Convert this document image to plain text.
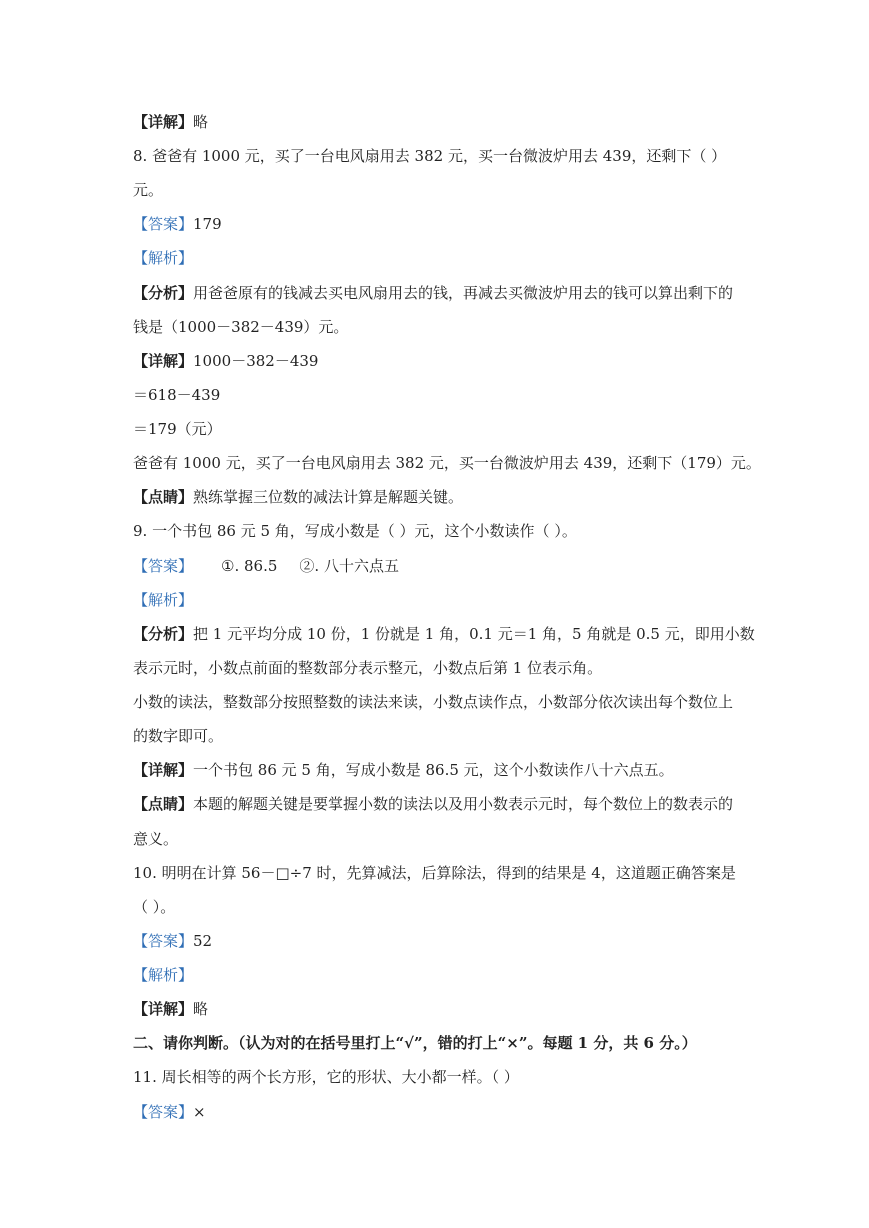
【详解】略
8. 爸爸有 1000 元，买了一台电风扇用去 382 元，买一台微波炉用去 439，还剩下（ ）
元。
【答案】179
【解析】
【分析】用爸爸原有的钱减去买电风扇用去的钱，再减去买微波炉用去的钱可以算出剩下的
钱是（1000－382－439）元。
【详解】1000－382－439
＝618－439
＝179（元）
爸爸有 1000 元，买了一台电风扇用去 382 元，买一台微波炉用去 439，还剩下（179）元。
【点睛】熟练掌握三位数的减法计算是解题关键。
9. 一个书包 86 元 5 角，写成小数是（ ）元，这个小数读作（ ）。
【答案】 ①. 86.5 ②. 八十六点五
【解析】
【分析】把 1 元平均分成 10 份，1 份就是 1 角，0.1 元＝1 角，5 角就是 0.5 元，即用小数
表示元时，小数点前面的整数部分表示整元，小数点后第 1 位表示角。
小数的读法，整数部分按照整数的读法来读，小数点读作点，小数部分依次读出每个数位上
的数字即可。
【详解】一个书包 86 元 5 角，写成小数是 86.5 元，这个小数读作八十六点五。
【点睛】本题的解题关键是要掌握小数的读法以及用小数表示元时，每个数位上的数表示的
意义。
10. 明明在计算 56－□÷7 时，先算减法，后算除法，得到的结果是 4，这道题正确答案是
（ ）。
【答案】52
【解析】
【详解】略
二、请你判断。（认为对的在括号里打上“√”，错的打上“×”。每题 1 分，共 6 分。）
11. 周长相等的两个长方形，它的形状、大小都一样。（ ）
【答案】×
